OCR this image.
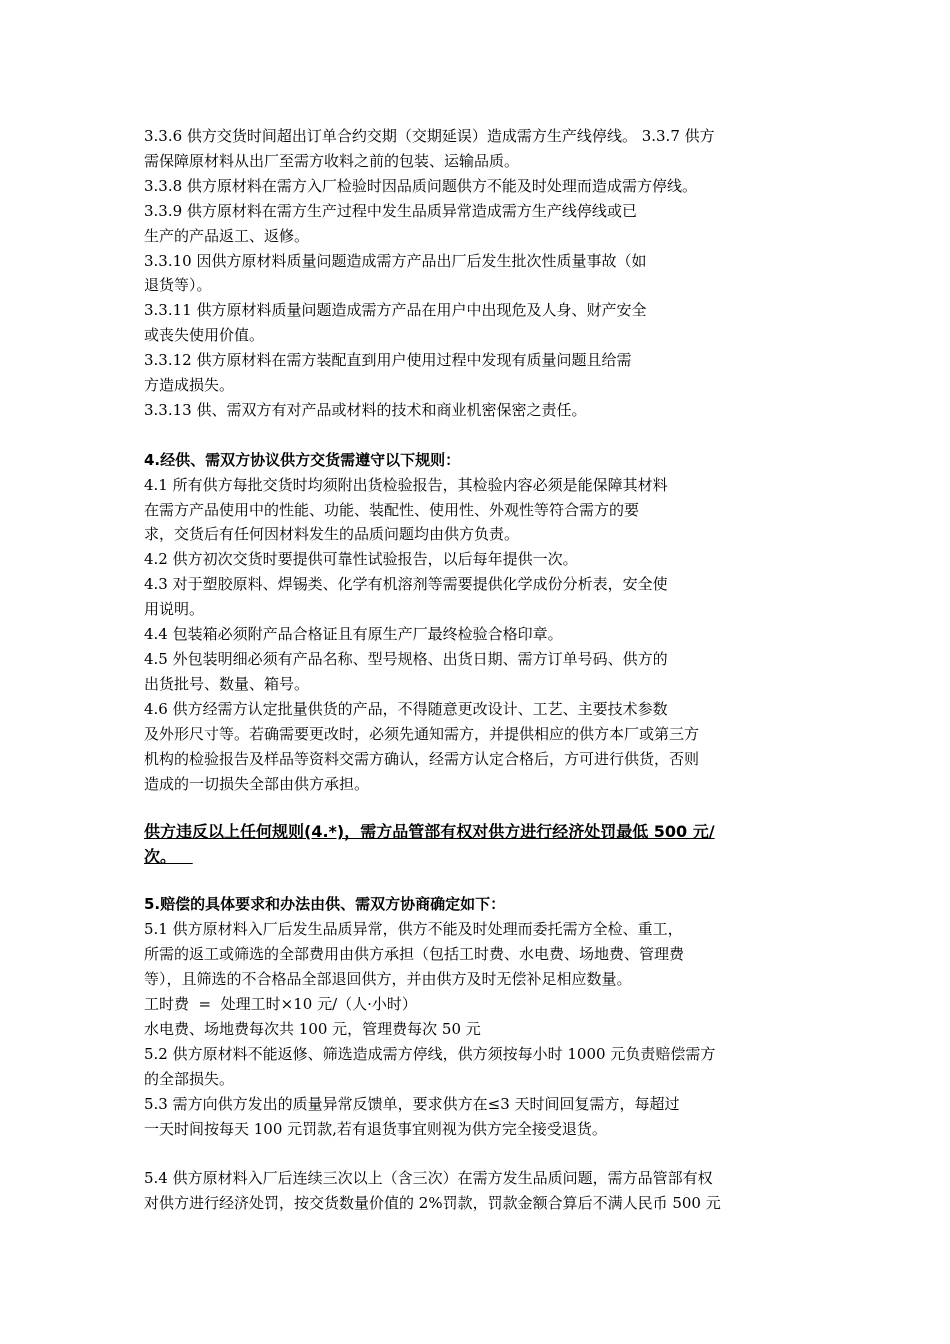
3.3.6 供方交货时间超出订单合约交期（交期延误）造成需方生产线停线。 3.3.7 供方
需保障原材料从出厂至需方收料之前的包装、运输品质。
3.3.8 供方原材料在需方入厂检验时因品质问题供方不能及时处理而造成需方停线。
3.3.9 供方原材料在需方生产过程中发生品质异常造成需方生产线停线或已
生产的产品返工、返修。
3.3.10 因供方原材料质量问题造成需方产品出厂后发生批次性质量事故（如
退货等）。
3.3.11 供方原材料质量问题造成需方产品在用户中出现危及人身、财产安全
或丧失使用价值。
3.3.12 供方原材料在需方装配直到用户使用过程中发现有质量问题且给需
方造成损失。
3.3.13 供、需双方有对产品或材料的技术和商业机密保密之责任。
4.经供、需双方协议供方交货需遵守以下规则：
4.1 所有供方每批交货时均须附出货检验报告，其检验内容必须是能保障其材料
在需方产品使用中的性能、功能、装配性、使用性、外观性等符合需方的要
求，交货后有任何因材料发生的品质问题均由供方负责。
4.2 供方初次交货时要提供可靠性试验报告，以后每年提供一次。
4.3 对于塑胶原料、焊锡类、化学有机溶剂等需要提供化学成份分析表，安全使
用说明。
4.4 包装箱必须附产品合格证且有原生产厂最终检验合格印章。
4.5 外包装明细必须有产品名称、型号规格、出货日期、需方订单号码、供方的
出货批号、数量、箱号。
4.6 供方经需方认定批量供货的产品，不得随意更改设计、工艺、主要技术参数
及外形尺寸等。若确需要更改时，必须先通知需方，并提供相应的供方本厂或第三方
机构的检验报告及样品等资料交需方确认，经需方认定合格后，方可进行供货，否则
造成的一切损失全部由供方承担。
供方违反以上任何规则(4.*)，需方品管部有权对供方进行经济处罚最低 500 元/
次。
5.赔偿的具体要求和办法由供、需双方协商确定如下：
5.1 供方原材料入厂后发生品质异常，供方不能及时处理而委托需方全检、重工，
所需的返工或筛选的全部费用由供方承担（包括工时费、水电费、场地费、管理费
等），且筛选的不合格品全部退回供方，并由供方及时无偿补足相应数量。
工时费  =  处理工时×10 元/（人·小时）
水电费、场地费每次共 100 元，管理费每次 50 元
5.2 供方原材料不能返修、筛选造成需方停线，供方须按每小时 1000 元负责赔偿需方
的全部损失。
5.3 需方向供方发出的质量异常反馈单，要求供方在≤3 天时间回复需方，每超过
一天时间按每天 100 元罚款,若有退货事宜则视为供方完全接受退货。
5.4 供方原材料入厂后连续三次以上（含三次）在需方发生品质问题，需方品管部有权
对供方进行经济处罚，按交货数量价值的 2%罚款，罚款金额合算后不满人民币 500 元
